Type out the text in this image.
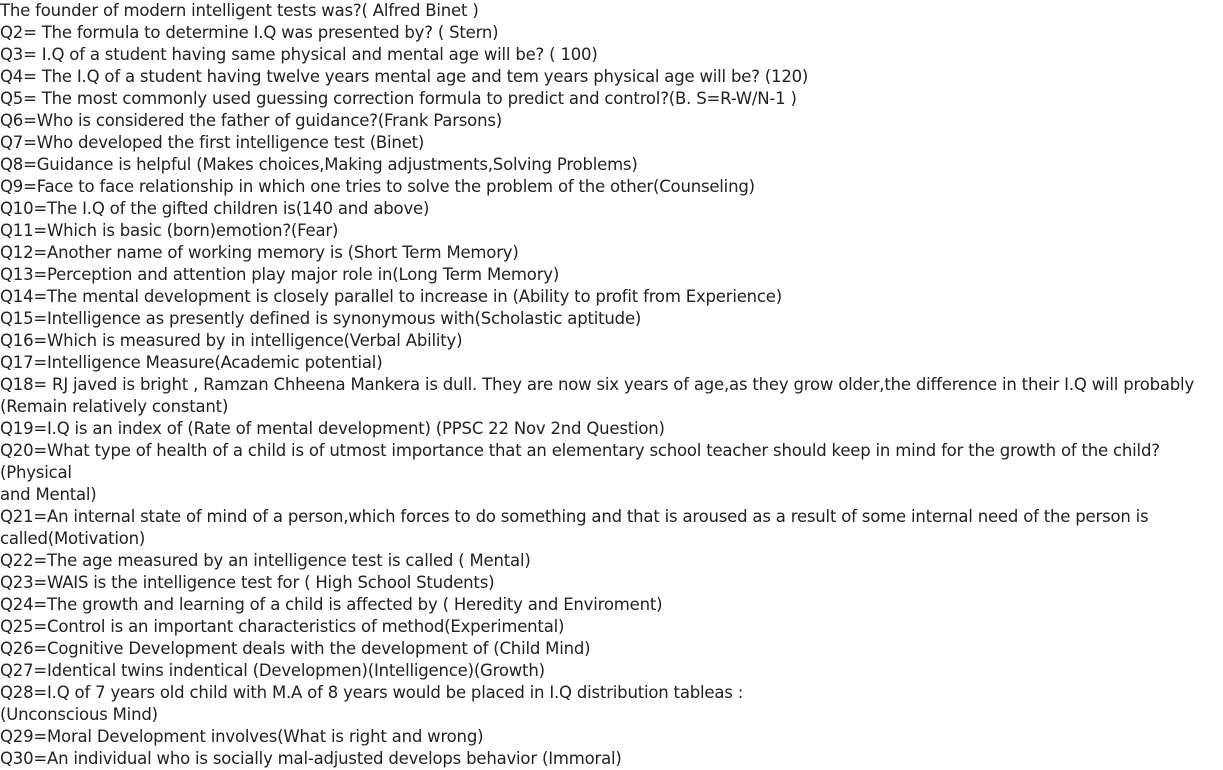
The founder of modern intelligent tests was?( Alfred Binet )
Q2= The formula to determine I.Q was presented by? ( Stern)
Q3= I.Q of a student having same physical and mental age will be? ( 100)
Q4= The I.Q of a student having twelve years mental age and tem years physical age will be? (120)
Q5= The most commonly used guessing correction formula to predict and control?(B. S=R-W/N-1 )
Q6=Who is considered the father of guidance?(Frank Parsons)
Q7=Who developed the first intelligence test (Binet)
Q8=Guidance is helpful (Makes choices,Making adjustments,Solving Problems)
Q9=Face to face relationship in which one tries to solve the problem of the other(Counseling)
Q10=The I.Q of the gifted children is(140 and above)
Q11=Which is basic (born)emotion?(Fear)
Q12=Another name of working memory is (Short Term Memory)
Q13=Perception and attention play major role in(Long Term Memory)
Q14=The mental development is closely parallel to increase in (Ability to profit from Experience)
Q15=Intelligence as presently defined is synonymous with(Scholastic aptitude)
Q16=Which is measured by in intelligence(Verbal Ability)
Q17=Intelligence Measure(Academic potential)
Q18= RJ javed is bright , Ramzan Chheena Mankera is dull. They are now six years of age,as they grow older,the difference in their I.Q will probably
(Remain relatively constant)
Q19=I.Q is an index of (Rate of mental development) (PPSC 22 Nov 2nd Question)
Q20=What type of health of a child is of utmost importance that an elementary school teacher should keep in mind for the growth of the child?(Physical
and Mental)
Q21=An internal state of mind of a person,which forces to do something and that is aroused as a result of some internal need of the person is
called(Motivation)
Q22=The age measured by an intelligence test is called ( Mental)
Q23=WAIS is the intelligence test for ( High School Students)
Q24=The growth and learning of a child is affected by ( Heredity and Enviroment)
Q25=Control is an important characteristics of method(Experimental)
Q26=Cognitive Development deals with the development of (Child Mind)
Q27=Identical twins indentical (Developmen)(Intelligence)(Growth)
Q28=I.Q of 7 years old child with M.A of 8 years would be placed in I.Q distribution tableas :
(Unconscious Mind)
Q29=Moral Development involves(What is right and wrong)
Q30=An individual who is socially mal-adjusted develops behavior (Immoral)
